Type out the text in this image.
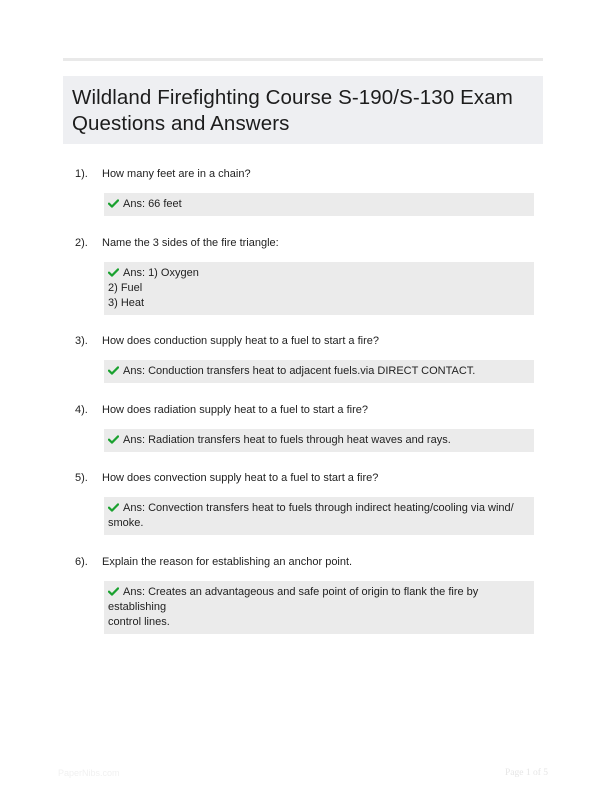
Wildland Firefighting Course S-190/S-130 Exam
Questions and Answers
1). How many feet are in a chain?
Ans: 66 feet
2). Name the 3 sides of the fire triangle:
Ans: 1) Oxygen
2) Fuel
3) Heat
3). How does conduction supply heat to a fuel to start a fire?
Ans: Conduction transfers heat to adjacent fuels.via DIRECT CONTACT.
4). How does radiation supply heat to a fuel to start a fire?
Ans: Radiation transfers heat to fuels through heat waves and rays.
5). How does convection supply heat to a fuel to start a fire?
Ans: Convection transfers heat to fuels through indirect heating/cooling via wind/
smoke.
6). Explain the reason for establishing an anchor point.
Ans: Creates an advantageous and safe point of origin to flank the fire by establishing
control lines.
PaperNibs.com	Page 1 of 5
